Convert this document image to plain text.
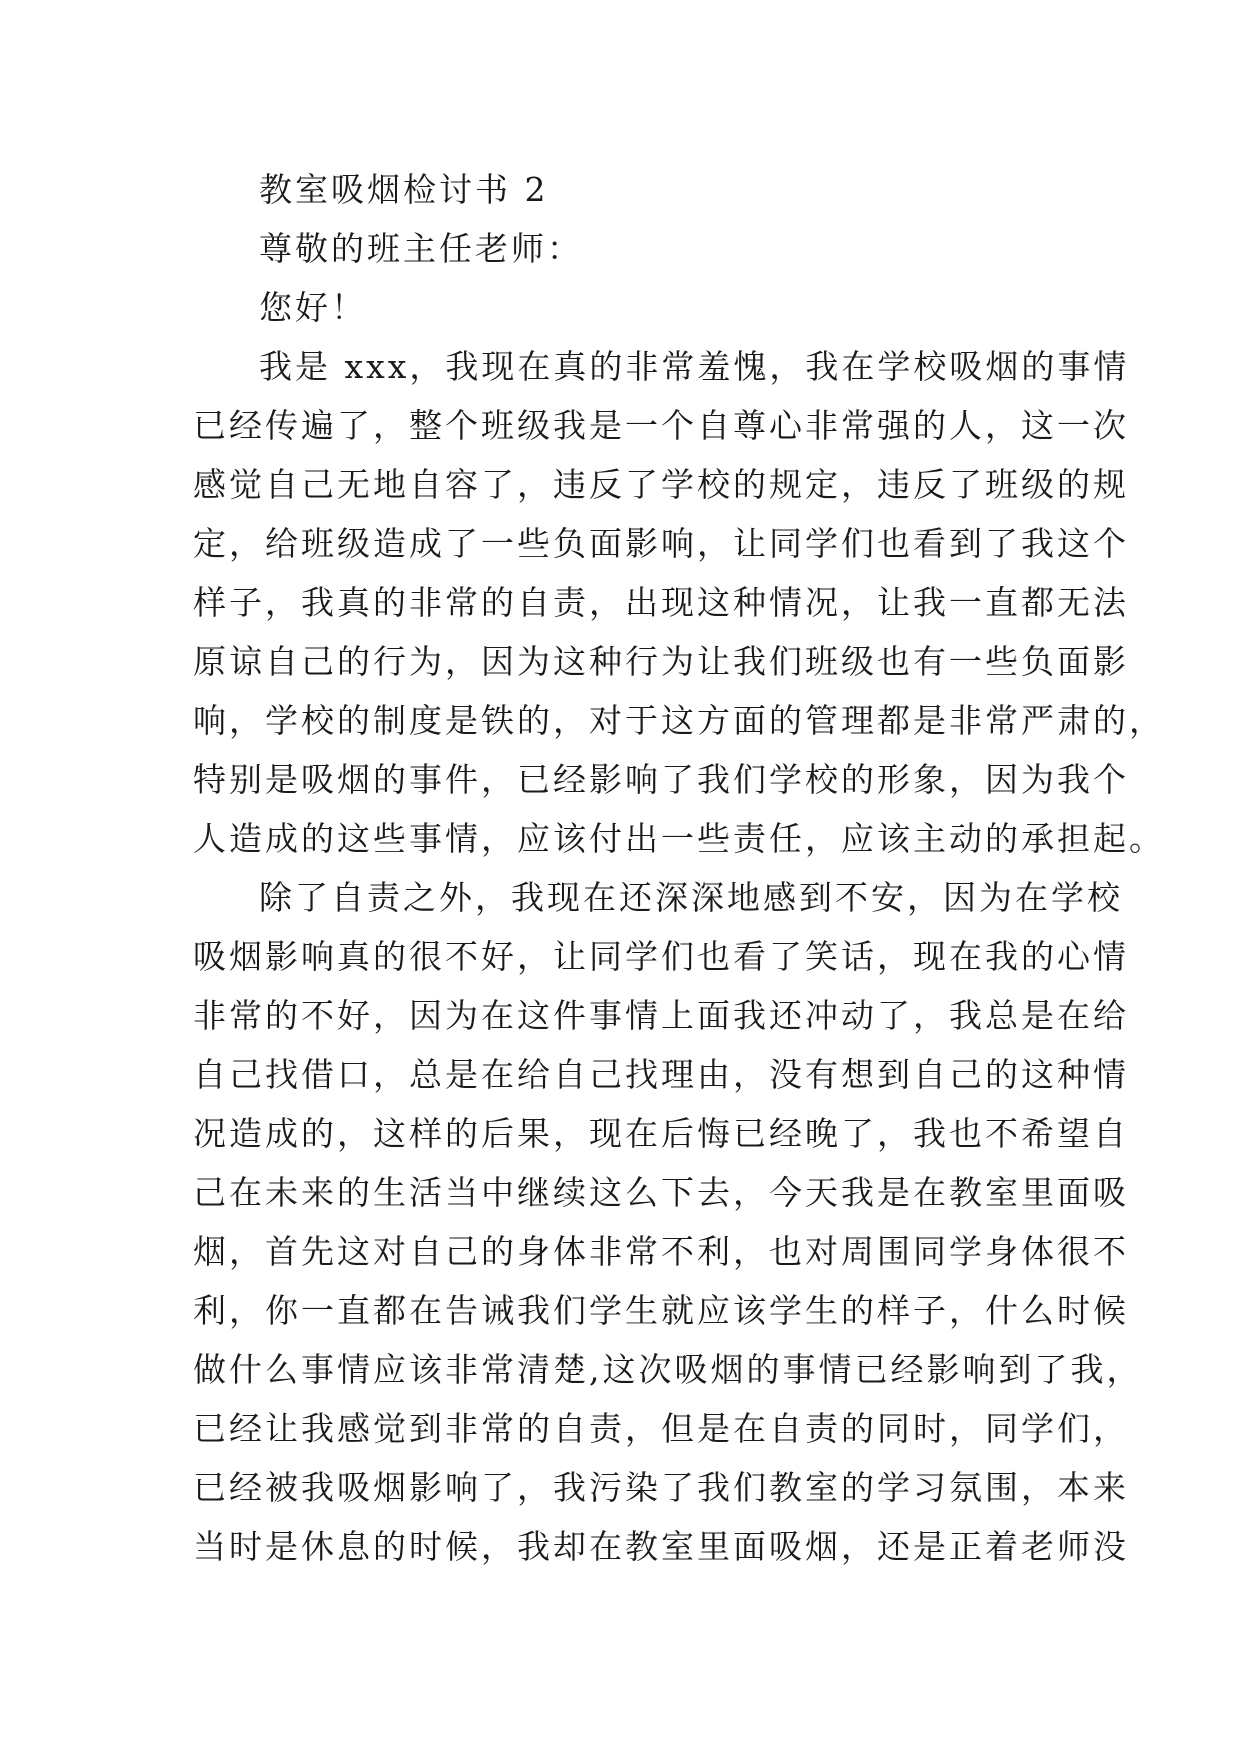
教室吸烟检讨书 2
尊敬的班主任老师：
您好！
我是 xxx，我现在真的非常羞愧，我在学校吸烟的事情
已经传遍了，整个班级我是一个自尊心非常强的人，这一次
感觉自己无地自容了，违反了学校的规定，违反了班级的规
定，给班级造成了一些负面影响，让同学们也看到了我这个
样子，我真的非常的自责，出现这种情况，让我一直都无法
原谅自己的行为，因为这种行为让我们班级也有一些负面影
响，学校的制度是铁的，对于这方面的管理都是非常严肃的，
特别是吸烟的事件，已经影响了我们学校的形象，因为我个
人造成的这些事情，应该付出一些责任，应该主动的承担起。
除了自责之外，我现在还深深地感到不安，因为在学校
吸烟影响真的很不好，让同学们也看了笑话，现在我的心情
非常的不好，因为在这件事情上面我还冲动了，我总是在给
自己找借口，总是在给自己找理由，没有想到自己的这种情
况造成的，这样的后果，现在后悔已经晚了，我也不希望自
己在未来的生活当中继续这么下去，今天我是在教室里面吸
烟，首先这对自己的身体非常不利，也对周围同学身体很不
利，你一直都在告诫我们学生就应该学生的样子，什么时候
做什么事情应该非常清楚,这次吸烟的事情已经影响到了我，
已经让我感觉到非常的自责，但是在自责的同时，同学们，
已经被我吸烟影响了，我污染了我们教室的学习氛围，本来
当时是休息的时候，我却在教室里面吸烟，还是正着老师没
